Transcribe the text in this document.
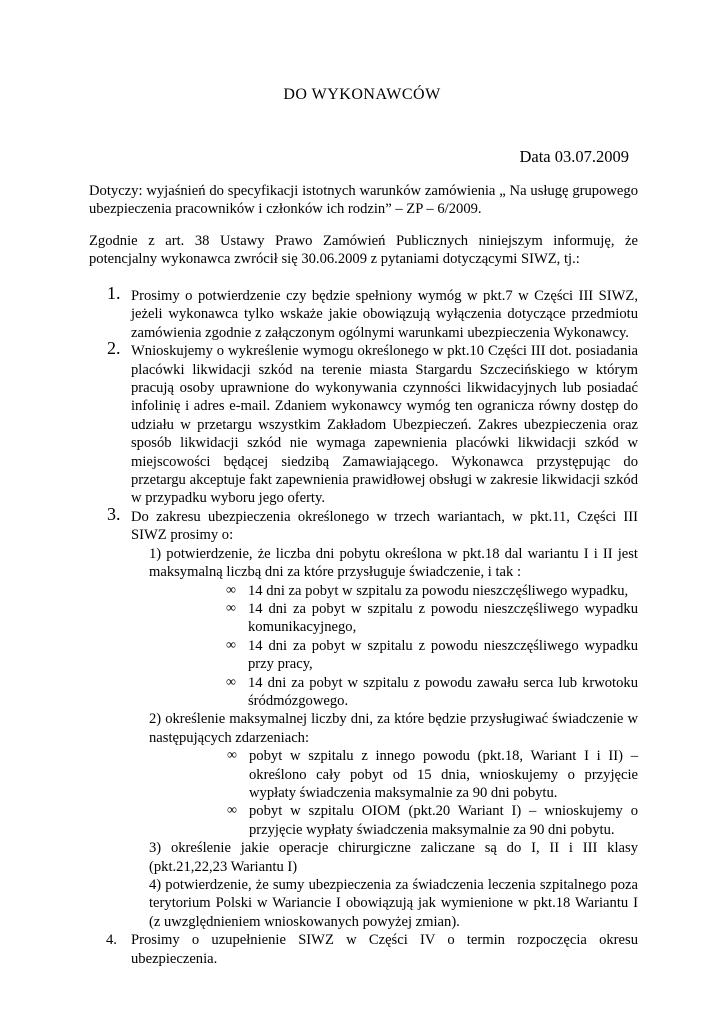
DO WYKONAWCÓW
Data 03.07.2009
Dotyczy: wyjaśnień do specyfikacji istotnych warunków zamówienia „ Na usługę grupowego ubezpieczenia pracowników i członków ich rodzin” – ZP – 6/2009.
Zgodnie z art. 38 Ustawy Prawo Zamówień Publicznych niniejszym informuję, że potencjalny wykonawca zwrócił się 30.06.2009 z pytaniami dotyczącymi SIWZ, tj.:
1. Prosimy o potwierdzenie czy będzie spełniony wymóg w pkt.7 w Części III SIWZ, jeżeli wykonawca tylko wskaże jakie obowiązują wyłączenia dotyczące przedmiotu zamówienia zgodnie z załączonym ogólnymi warunkami ubezpieczenia Wykonawcy.
2. Wnioskujemy o wykreślenie wymogu określonego w pkt.10 Części III dot. posiadania placówki likwidacji szkód na terenie miasta Stargardu Szczecińskiego w którym pracują osoby uprawnione do wykonywania czynności likwidacyjnych lub posiadać infolinię i adres e-mail. Zdaniem wykonawcy wymóg ten ogranicza równy dostęp do udziału w przetargu wszystkim Zakładom Ubezpieczeń. Zakres ubezpieczenia oraz sposób likwidacji szkód nie wymaga zapewnienia placówki likwidacji szkód w miejscowości będącej siedzibą Zamawiającego. Wykonawca przystępując do przetargu akceptuje fakt zapewnienia prawidłowej obsługi w zakresie likwidacji szkód w przypadku wyboru jego oferty.
3. Do zakresu ubezpieczenia określonego w trzech wariantach, w pkt.11, Części III SIWZ prosimy o:
1) potwierdzenie, że liczba dni pobytu określona w pkt.18 dal wariantu I i II jest maksymalną liczbą dni za które przysługuje świadczenie, i tak :
∞ 14 dni za pobyt w szpitalu za powodu nieszczęśliwego wypadku,
∞ 14 dni za pobyt w szpitalu z powodu nieszczęśliwego wypadku komunikacyjnego,
∞ 14 dni za pobyt w szpitalu z powodu nieszczęśliwego wypadku przy pracy,
∞ 14 dni za pobyt w szpitalu z powodu zawału serca lub krwotoku śródmózgowego.
2) określenie maksymalnej liczby dni, za które będzie przysługiwać świadczenie w następujących zdarzeniach:
∞ pobyt w szpitalu z innego powodu (pkt.18, Wariant I i II) – określono cały pobyt od 15 dnia, wnioskujemy o przyjęcie wypłaty świadczenia maksymalnie za 90 dni pobytu.
∞ pobyt w szpitalu OIOM (pkt.20 Wariant I) – wnioskujemy o przyjęcie wypłaty świadczenia maksymalnie za 90 dni pobytu.
3) określenie jakie operacje chirurgiczne zaliczane są do I, II i III klasy (pkt.21,22,23 Wariantu I)
4) potwierdzenie, że sumy ubezpieczenia za świadczenia leczenia szpitalnego poza terytorium Polski w Wariancie I obowiązują jak wymienione w pkt.18 Wariantu I (z uwzględnieniem wnioskowanych powyżej zmian).
4. Prosimy o uzupełnienie SIWZ w Części IV o termin rozpoczęcia okresu ubezpieczenia.
